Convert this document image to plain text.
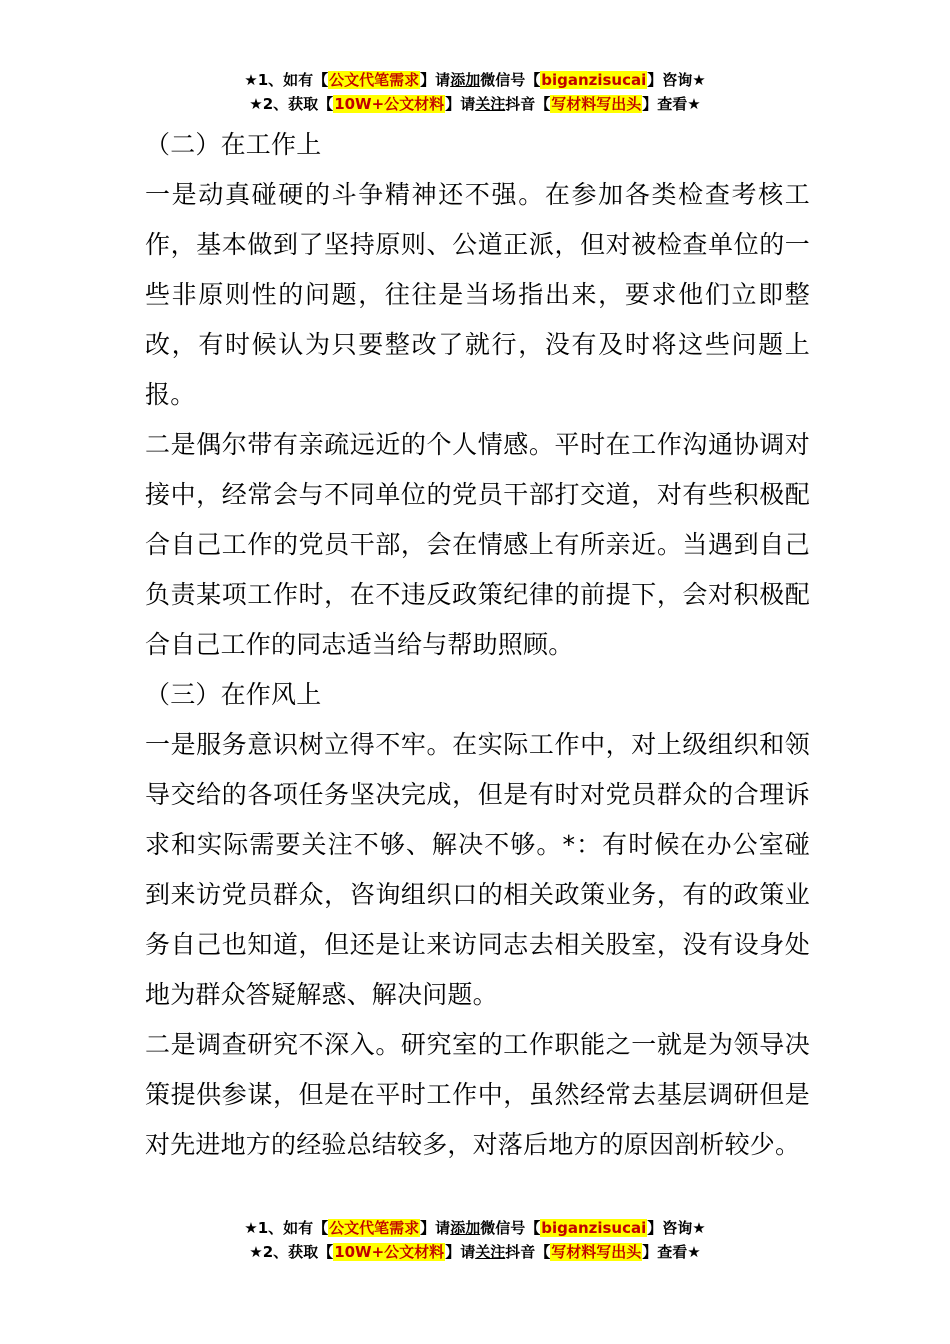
★1、如有【公文代笔需求】请添加微信号【biganzisucai】咨询★
★2、获取【10W+公文材料】请关注抖音【写材料写出头】查看★

（二）在工作上

一是动真碰硬的斗争精神还不强。在参加各类检查考核工作，基本做到了坚持原则、公道正派，但对被检查单位的一些非原则性的问题，往往是当场指出来，要求他们立即整改，有时候认为只要整改了就行，没有及时将这些问题上报。

二是偶尔带有亲疏远近的个人情感。平时在工作沟通协调对接中，经常会与不同单位的党员干部打交道，对有些积极配合自己工作的党员干部，会在情感上有所亲近。当遇到自己负责某项工作时，在不违反政策纪律的前提下，会对积极配合自己工作的同志适当给与帮助照顾。

（三）在作风上

一是服务意识树立得不牢。在实际工作中，对上级组织和领导交给的各项任务坚决完成，但是有时对党员群众的合理诉求和实际需要关注不够、解决不够。*：有时候在办公室碰到来访党员群众，咨询组织口的相关政策业务，有的政策业务自己也知道，但还是让来访同志去相关股室，没有设身处地为群众答疑解惑、解决问题。

二是调查研究不深入。研究室的工作职能之一就是为领导决策提供参谋，但是在平时工作中，虽然经常去基层调研但是对先进地方的经验总结较多，对落后地方的原因剖析较少。

★1、如有【公文代笔需求】请添加微信号【biganzisucai】咨询★
★2、获取【10W+公文材料】请关注抖音【写材料写出头】查看★
